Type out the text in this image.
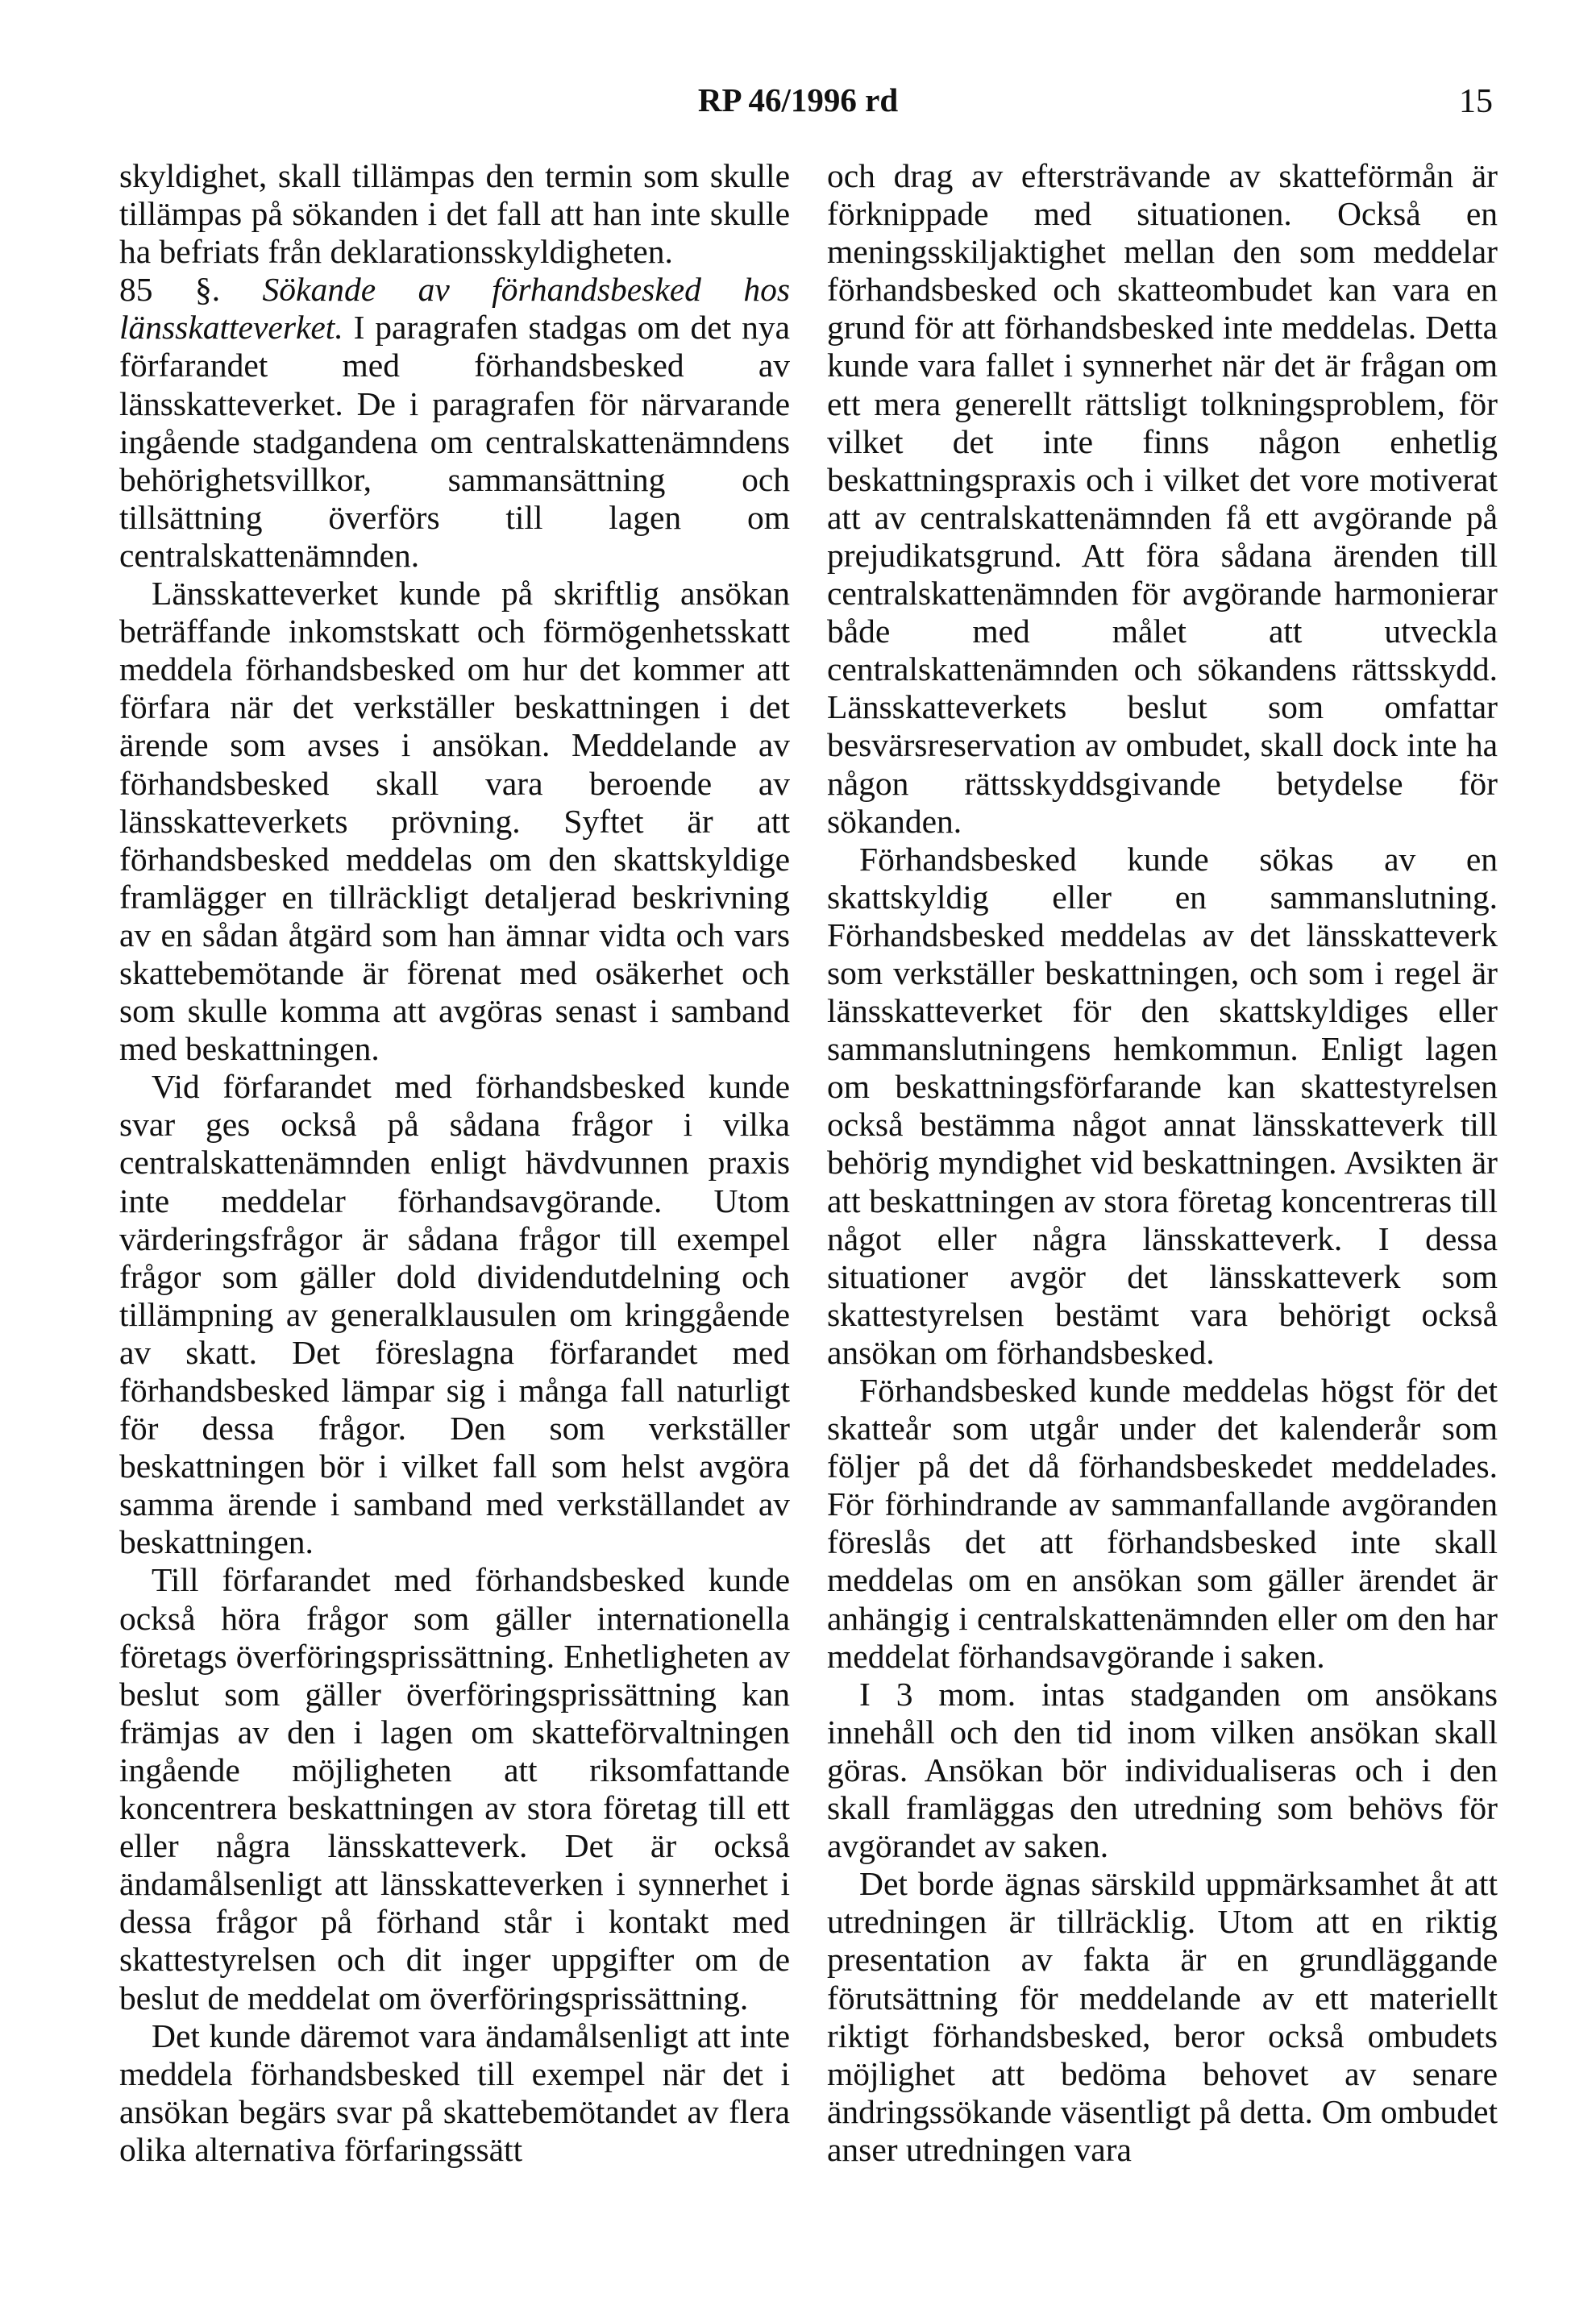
RP 46/1996 rd	15

skyldighet, skall tillämpas den termin som skulle tillämpas på sökanden i det fall att han inte skulle ha befriats från deklarationsskyldigheten.

85 §. Sökande av förhandsbesked hos länsskatteverket. I paragrafen stadgas om det nya förfarandet med förhandsbesked av länsskatteverket. De i paragrafen för närvarande ingående stadgandena om centralskattenämndens behörighetsvillkor, sammansättning och tillsättning överförs till lagen om centralskattenämnden.

Länsskatteverket kunde på skriftlig ansökan beträffande inkomstskatt och förmögenhetsskatt meddela förhandsbesked om hur det kommer att förfara när det verkställer beskattningen i det ärende som avses i ansökan. Meddelande av förhandsbesked skall vara beroende av länsskatteverkets prövning. Syftet är att förhandsbesked meddelas om den skattskyldige framlägger en tillräckligt detaljerad beskrivning av en sådan åtgärd som han ämnar vidta och vars skattebemötande är förenat med osäkerhet och som skulle komma att avgöras senast i samband med beskattningen.

Vid förfarandet med förhandsbesked kunde svar ges också på sådana frågor i vilka centralskattenämnden enligt hävdvunnen praxis inte meddelar förhandsavgörande. Utom värderingsfrågor är sådana frågor till exempel frågor som gäller dold dividendutdelning och tillämpning av generalklausulen om kringgående av skatt. Det föreslagna förfarandet med förhandsbesked lämpar sig i många fall naturligt för dessa frågor. Den som verkställer beskattningen bör i vilket fall som helst avgöra samma ärende i samband med verkställandet av beskattningen.

Till förfarandet med förhandsbesked kunde också höra frågor som gäller internationella företags överföringsprissättning. Enhetligheten av beslut som gäller överföringsprissättning kan främjas av den i lagen om skatteförvaltningen ingående möjligheten att riksomfattande koncentrera beskattningen av stora företag till ett eller några länsskatteverk. Det är också ändamålsenligt att länsskatteverken i synnerhet i dessa frågor på förhand står i kontakt med skattestyrelsen och dit inger uppgifter om de beslut de meddelat om överföringsprissättning.

Det kunde däremot vara ändamålsenligt att inte meddela förhandsbesked till exempel när det i ansökan begärs svar på skattebemötandet av flera olika alternativa förfaringssätt

och drag av eftersträvande av skatteförmån är förknippade med situationen. Också en meningsskiljaktighet mellan den som meddelar förhandsbesked och skatteombudet kan vara en grund för att förhandsbesked inte meddelas. Detta kunde vara fallet i synnerhet när det är frågan om ett mera generellt rättsligt tolkningsproblem, för vilket det inte finns någon enhetlig beskattningspraxis och i vilket det vore motiverat att av centralskattenämnden få ett avgörande på prejudikatsgrund. Att föra sådana ärenden till centralskattenämnden för avgörande harmonierar både med målet att utveckla centralskattenämnden och sökandens rättsskydd. Länsskatteverkets beslut som omfattar besvärsreservation av ombudet, skall dock inte ha någon rättsskyddsgivande betydelse för sökanden.

Förhandsbesked kunde sökas av en skattskyldig eller en sammanslutning. Förhandsbesked meddelas av det länsskatteverk som verkställer beskattningen, och som i regel är länsskatteverket för den skattskyldiges eller sammanslutningens hemkommun. Enligt lagen om beskattningsförfarande kan skattestyrelsen också bestämma något annat länsskatteverk till behörig myndighet vid beskattningen. Avsikten är att beskattningen av stora företag koncentreras till något eller några länsskatteverk. I dessa situationer avgör det länsskatteverk som skattestyrelsen bestämt vara behörigt också ansökan om förhandsbesked.

Förhandsbesked kunde meddelas högst för det skatteår som utgår under det kalenderår som följer på det då förhandsbeskedet meddelades. För förhindrande av sammanfallande avgöranden föreslås det att förhandsbesked inte skall meddelas om en ansökan som gäller ärendet är anhängig i centralskattenämnden eller om den har meddelat förhandsavgörande i saken.

I 3 mom. intas stadganden om ansökans innehåll och den tid inom vilken ansökan skall göras. Ansökan bör individualiseras och i den skall framläggas den utredning som behövs för avgörandet av saken.

Det borde ägnas särskild uppmärksamhet åt att utredningen är tillräcklig. Utom att en riktig presentation av fakta är en grundläggande förutsättning för meddelande av ett materiellt riktigt förhandsbesked, beror också ombudets möjlighet att bedöma behovet av senare ändringssökande väsentligt på detta. Om ombudet anser utredningen vara
